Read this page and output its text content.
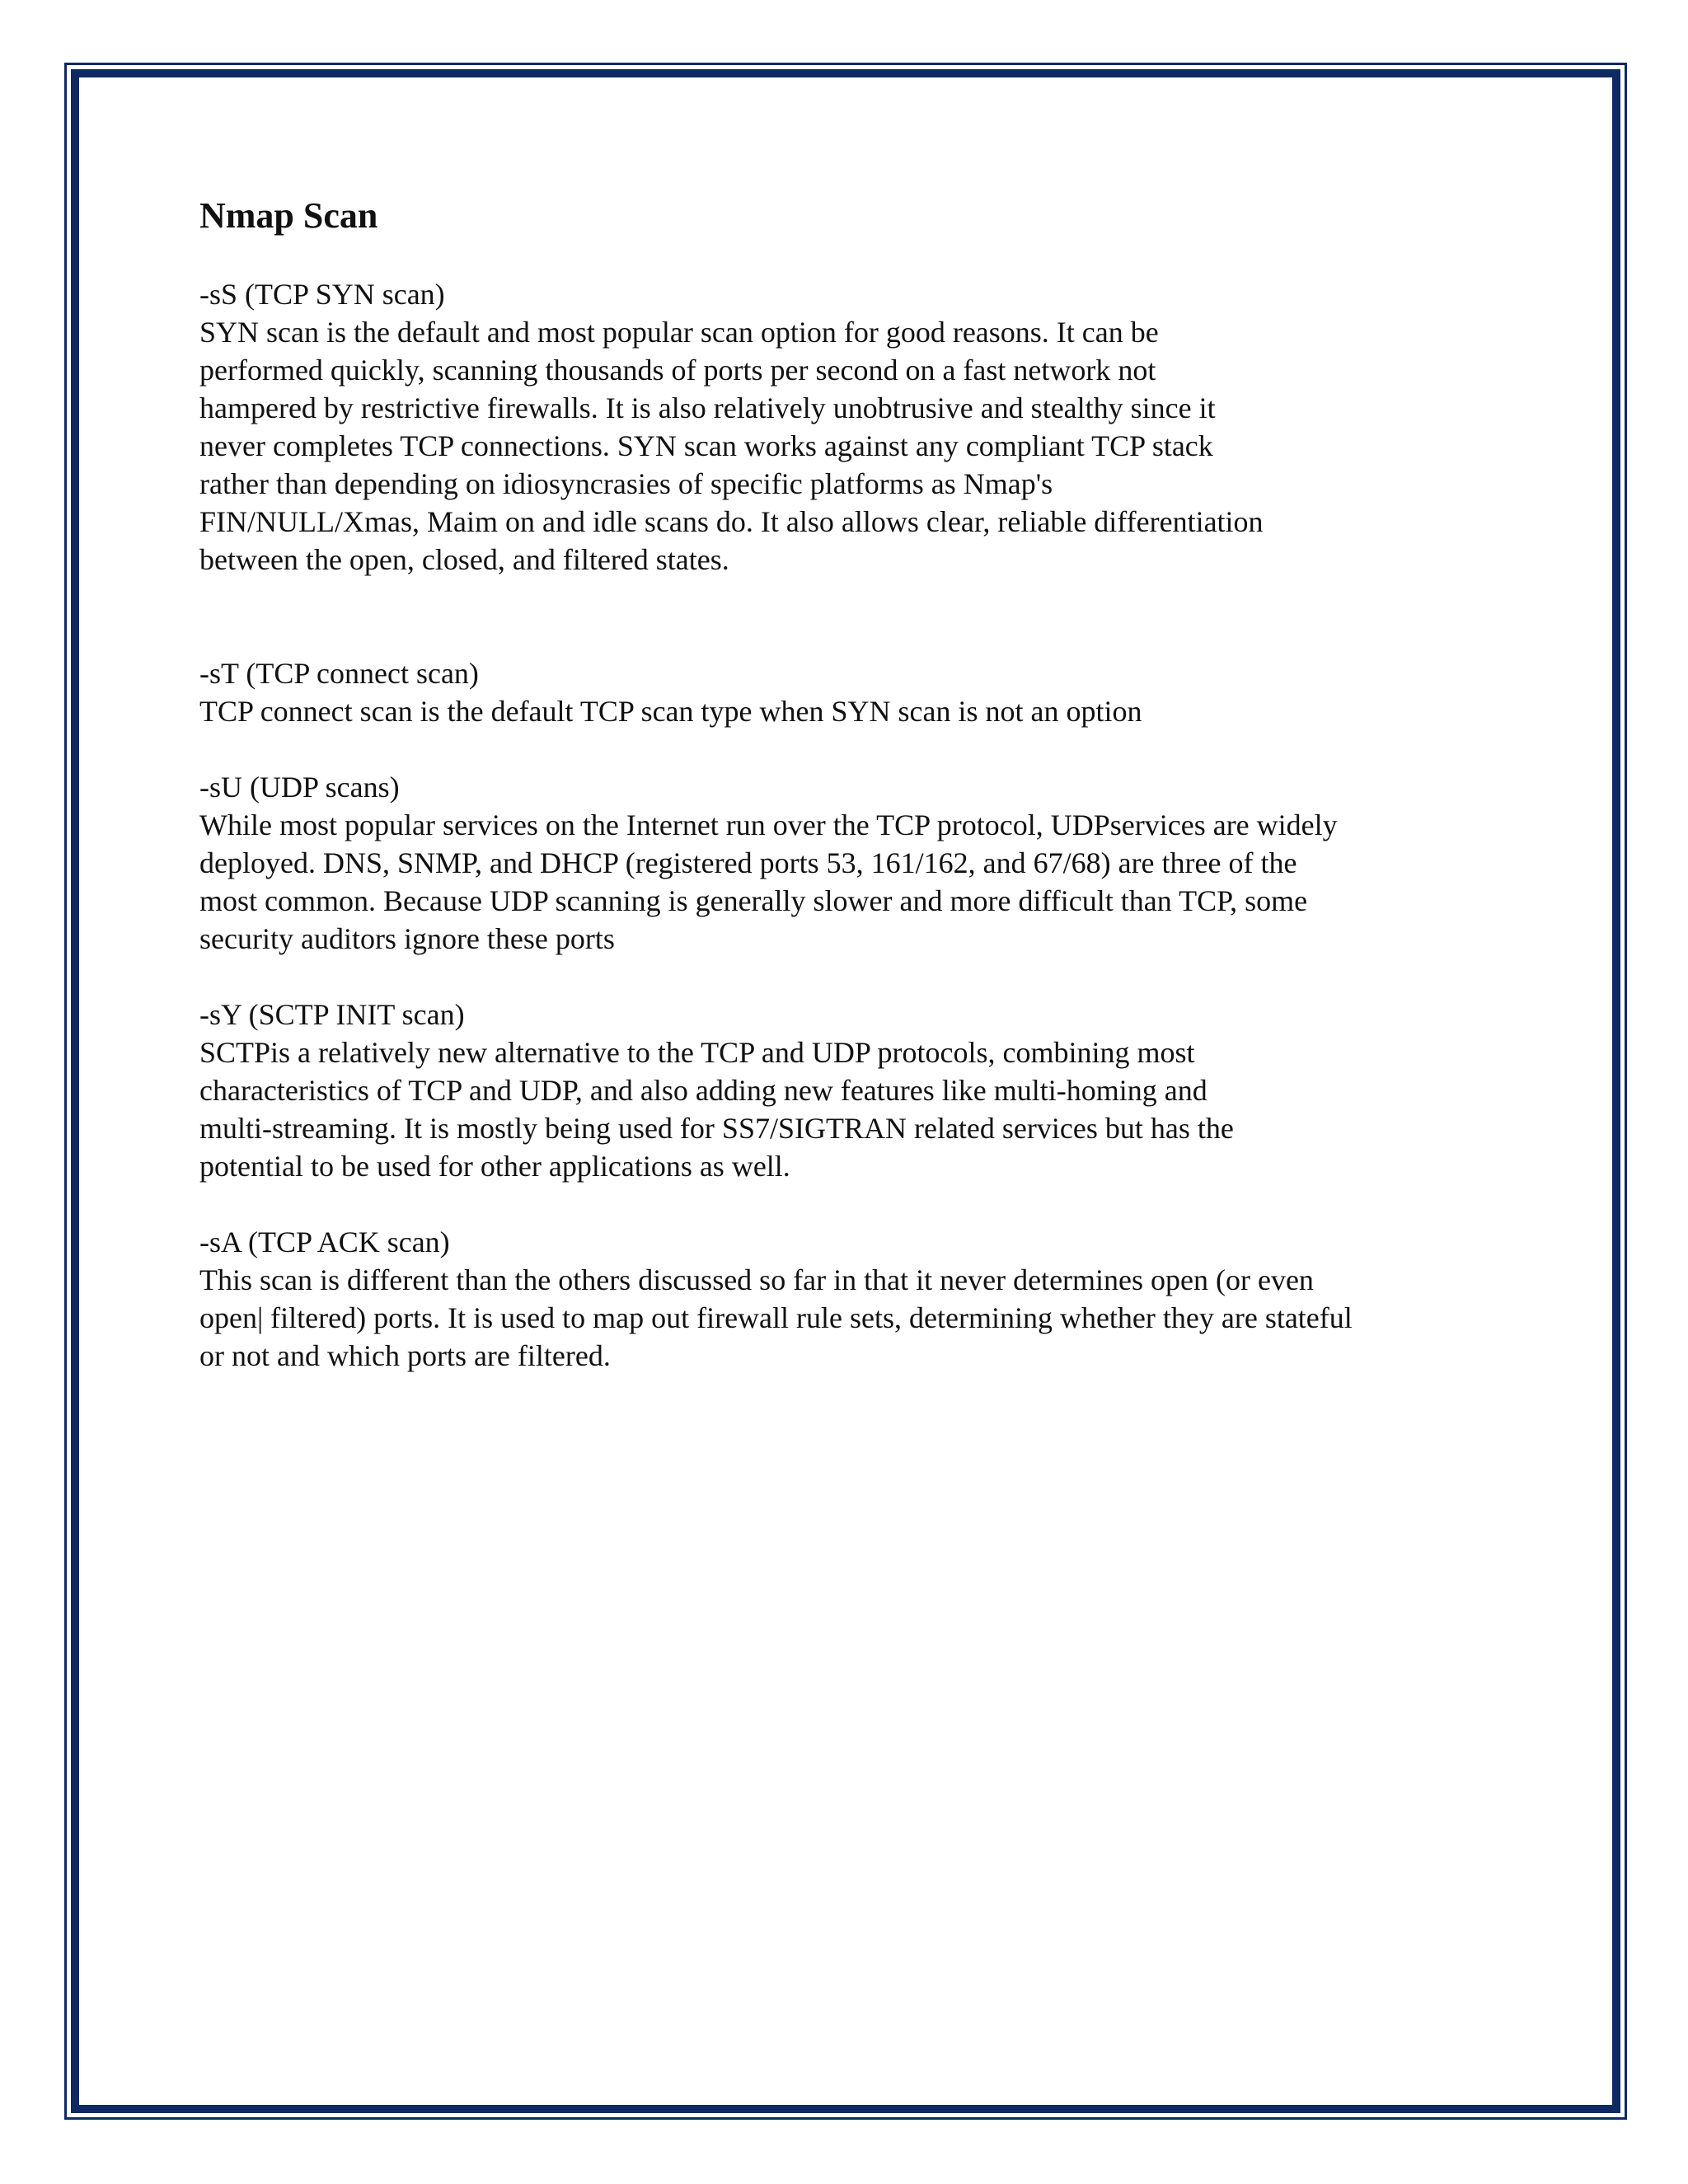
Nmap Scan

-sS (TCP SYN scan)

SYN scan is the default and most popular scan option for good reasons. It can be
performed quickly, scanning thousands of ports per second on a fast network not
hampered by restrictive firewalls. It is also relatively unobtrusive and stealthy since it
never completes TCP connections. SYN scan works against any compliant TCP stack
rather than depending on idiosyncrasies of specific platforms as Nmap's
FIN/NULL/Xmas, Maim on and idle scans do. It also allows clear, reliable differentiation
between the open, closed, and filtered states.

-sT (TCP connect scan)

TCP connect scan is the default TCP scan type when SYN scan is not an option

-sU (UDP scans)

While most popular services on the Internet run over the TCP protocol, UDPservices are widely
deployed. DNS, SNMP, and DHCP (registered ports 53, 161/162, and 67/68) are three of the
most common. Because UDP scanning is generally slower and more difficult than TCP, some
security auditors ignore these ports

-sY (SCTP INIT scan)

SCTPis a relatively new alternative to the TCP and UDP protocols, combining most
characteristics of TCP and UDP, and also adding new features like multi-homing and
multi-streaming. It is mostly being used for SS7/SIGTRAN related services but has the
potential to be used for other applications as well.

-sA (TCP ACK scan)

This scan is different than the others discussed so far in that it never determines open (or even
open| filtered) ports. It is used to map out firewall rule sets, determining whether they are stateful
or not and which ports are filtered.
